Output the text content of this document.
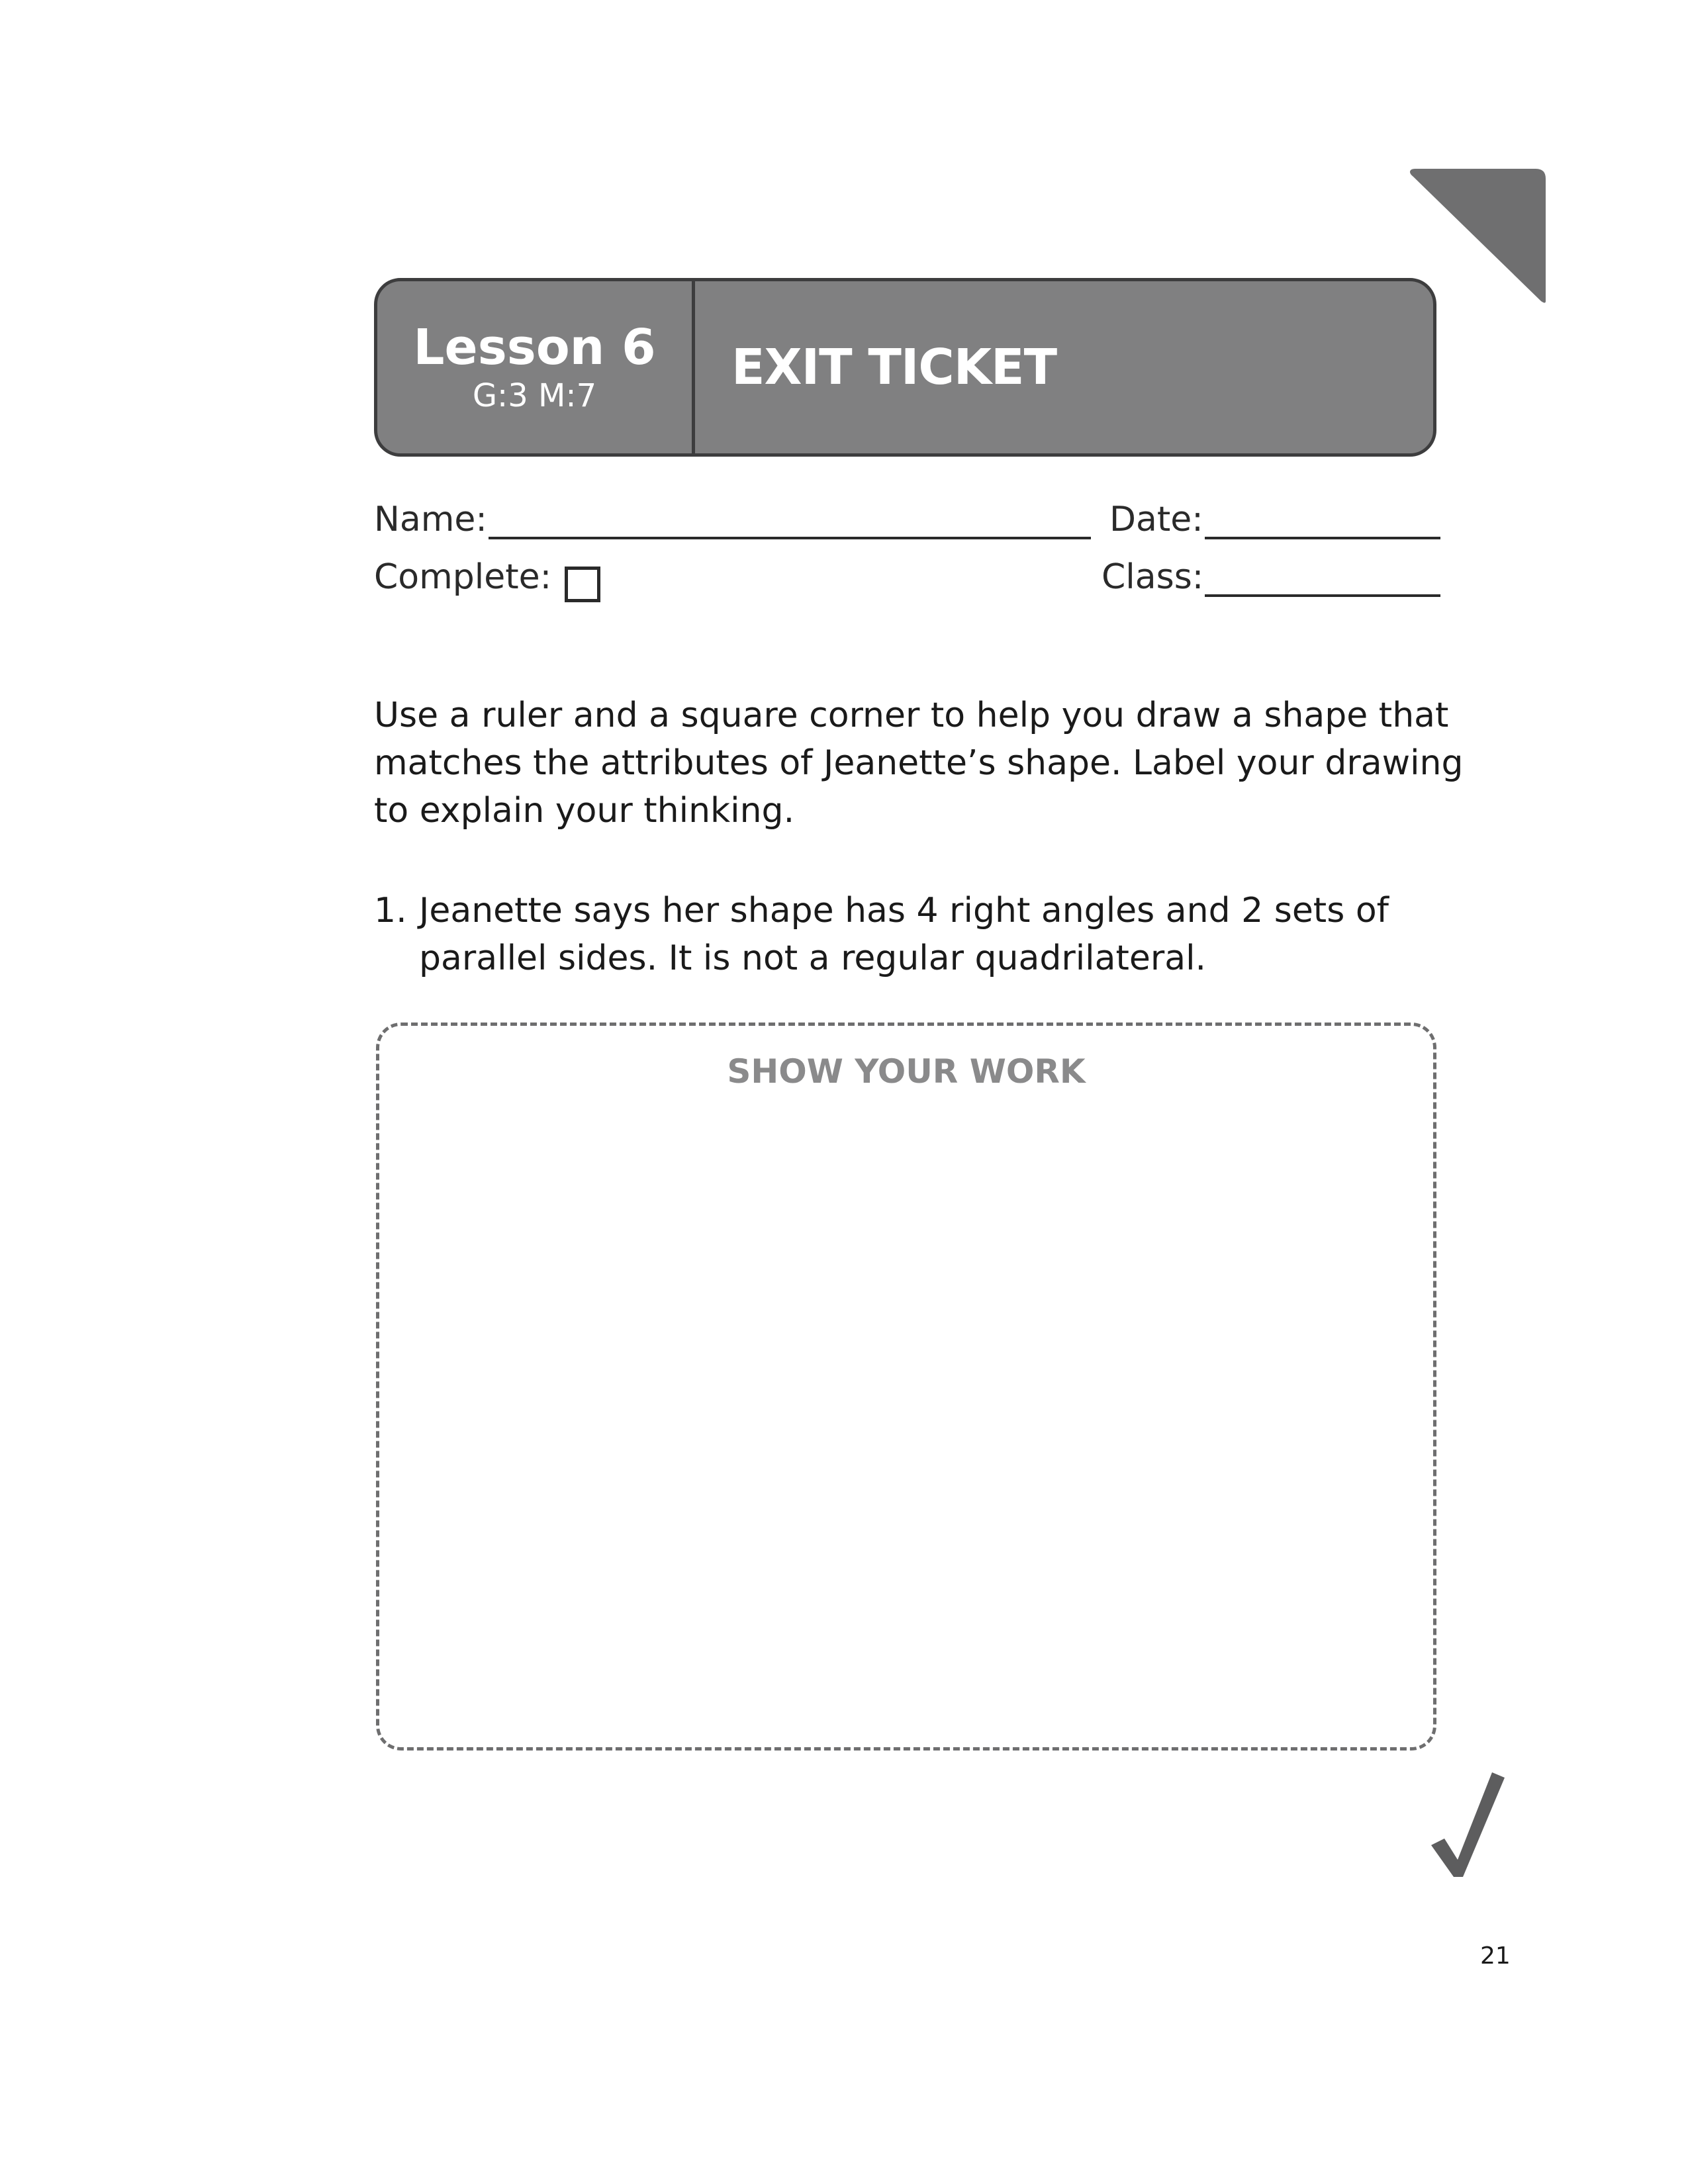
Lesson 6
G:3 M:7	EXIT TICKET
Name:	Date:
Complete:	Class:

Use a ruler and a square corner to help you draw a shape that matches the attributes of Jeanette’s shape. Label your drawing to explain your thinking.

1. Jeanette says her shape has 4 right angles and 2 sets of parallel sides. It is not a regular quadrilateral.
SHOW YOUR WORK
21
